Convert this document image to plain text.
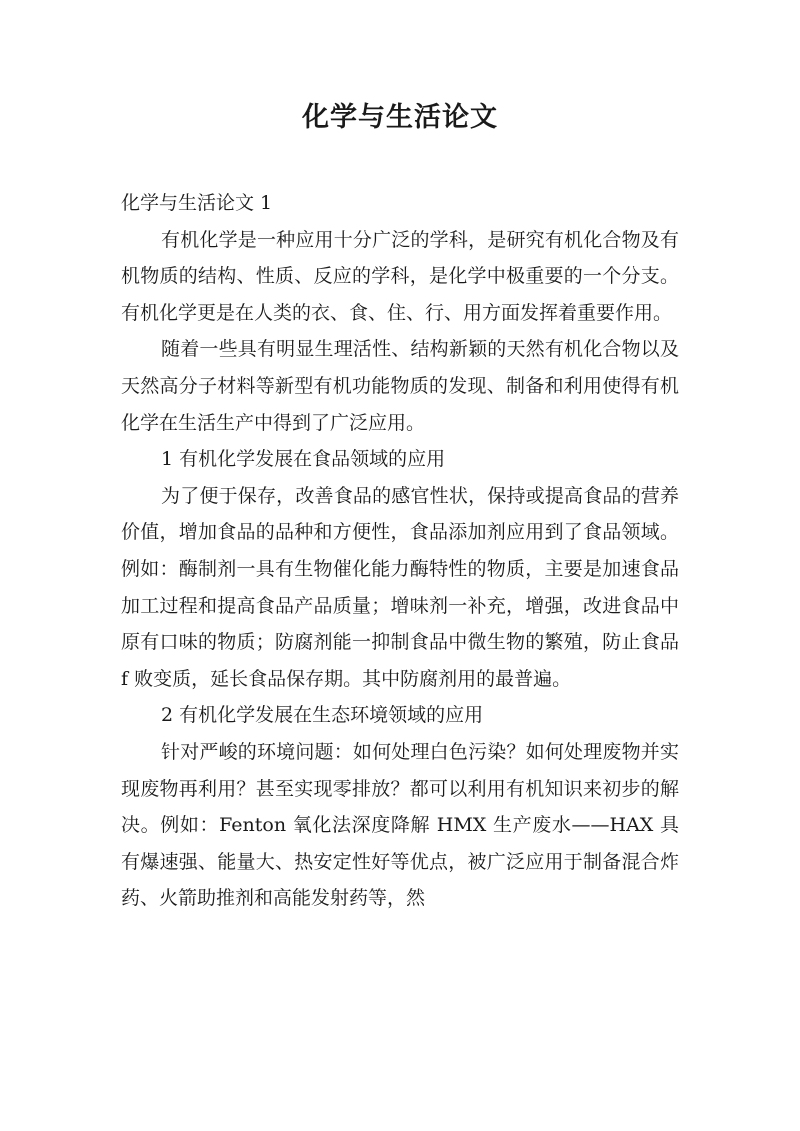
化学与生活论文

化学与生活论文 1

有机化学是一种应用十分广泛的学科，是研究有机化合物及有机物质的结构、性质、反应的学科，是化学中极重要的一个分支。有机化学更是在人类的衣、食、住、行、用方面发挥着重要作用。

随着一些具有明显生理活性、结构新颖的天然有机化合物以及天然高分子材料等新型有机功能物质的发现、制备和利用使得有机化学在生活生产中得到了广泛应用。

1 有机化学发展在食品领域的应用

为了便于保存，改善食品的感官性状，保持或提高食品的营养价值，增加食品的品种和方便性，食品添加剂应用到了食品领域。例如：酶制剂一具有生物催化能力酶特性的物质，主要是加速食品加工过程和提高食品产品质量；增味剂一补充，增强，改进食品中原有口味的物质；防腐剂能一抑制食品中微生物的繁殖，防止食品 f 败变质，延长食品保存期。其中防腐剂用的最普遍。

2 有机化学发展在生态环境领域的应用

针对严峻的环境问题：如何处理白色污染？如何处理废物并实现废物再利用？甚至实现零排放？都可以利用有机知识来初步的解决。例如：Fenton 氧化法深度降解 HMX 生产废水——HAX 具有爆速强、能量大、热安定性好等优点，被广泛应用于制备混合炸药、火箭助推剂和高能发射药等，然
